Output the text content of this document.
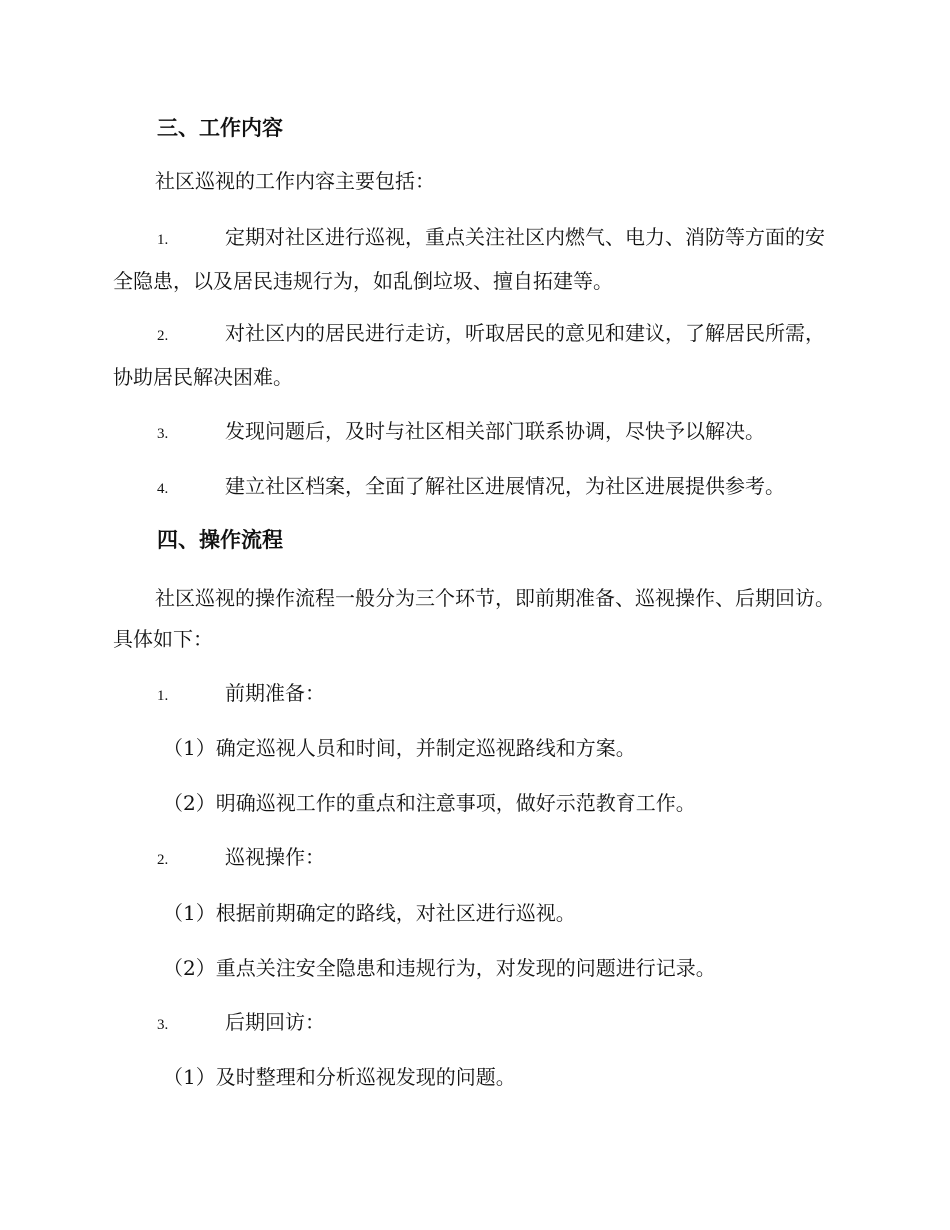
三、工作内容
社区巡视的工作内容主要包括：
1.	定期对社区进行巡视，重点关注社区内燃气、电力、消防等方面的安全隐患，以及居民违规行为，如乱倒垃圾、擅自拓建等。
2.	对社区内的居民进行走访，听取居民的意见和建议，了解居民所需，协助居民解决困难。
3.	发现问题后，及时与社区相关部门联系协调，尽快予以解决。
4.	建立社区档案，全面了解社区进展情况，为社区进展提供参考。
四、操作流程
社区巡视的操作流程一般分为三个环节，即前期准备、巡视操作、后期回访。具体如下：
1.	前期准备：
（1）确定巡视人员和时间，并制定巡视路线和方案。
（2）明确巡视工作的重点和注意事项，做好示范教育工作。
2.	巡视操作：
（1）根据前期确定的路线，对社区进行巡视。
（2）重点关注安全隐患和违规行为，对发现的问题进行记录。
3.	后期回访：
（1）及时整理和分析巡视发现的问题。
